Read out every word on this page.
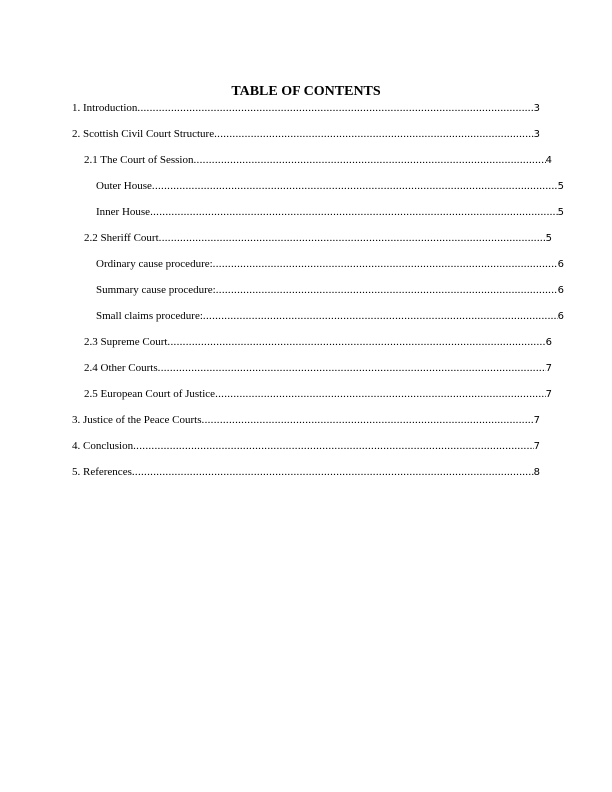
TABLE OF CONTENTS
1. Introduction .....	3
2. Scottish Civil Court Structure .....	3
2.1 The Court of Session .....	4
Outer House .....	5
Inner House .....	5
2.2 Sheriff Court .....	5
Ordinary cause procedure: .....	6
Summary cause procedure: .....	6
Small claims procedure: .....	6
2.3 Supreme Court .....	6
2.4 Other Courts .....	7
2.5 European Court of Justice .....	7
3. Justice of the Peace Courts .....	7
4. Conclusion .....	7
5. References .....	8
